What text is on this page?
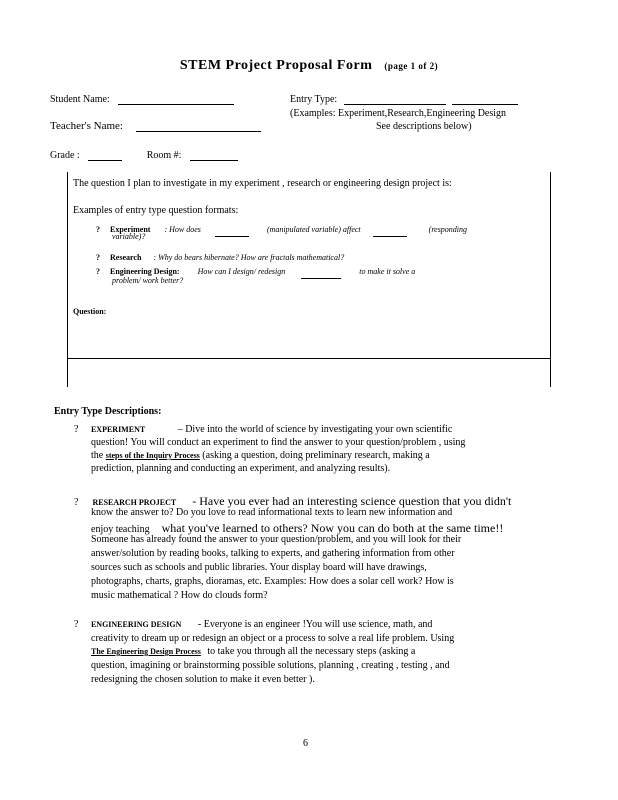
STEM Project Proposal Form (page 1 of 2)
Student Name:
Teacher's Name:
Grade :	Room #:
Entry Type:
(Examples: Experiment,Research,Engineering Design
See descriptions below)
The question I plan to investigate in my experiment , research or engineering design project is:
Examples of entry type question formats:
? Experiment : How does	(manipulated variable) affect	(responding
variable)?
? Research : Why do bears hibernate? How are fractals mathematical?
? Engineering Design: How can I design/ redesign	to make it solve a
problem/ work better?
Question:
Entry Type Descriptions:
? EXPERIMENT	– Dive into the world of science by investigating your own scientific
question! You will conduct an experiment to find the answer to your question/problem , using
the steps of the Inquiry Process (asking a question, doing preliminary research, making a
prediction, planning and conducting an experiment, and analyzing results).
? RESEARCH PROJECT - Have you ever had an interesting science question that you didn't
know the answer to? Do you love to read informational texts to learn new information and
enjoy teaching what you've learned to others? Now you can do both at the same time!!
Someone has already found the answer to your question/problem, and you will look for their
answer/solution by reading books, talking to experts, and gathering information from other
sources such as schools and public libraries. Your display board will have drawings,
photographs, charts, graphs, dioramas, etc. Examples: How does a solar cell work? How is
music mathematical ? How do clouds form?
? ENGINEERING DESIGN - Everyone is an engineer !You will use science, math, and
creativity to dream up or redesign an object or a process to solve a real life problem. Using
The Engineering Design Process to take you through all the necessary steps (asking a
question, imagining or brainstorming possible solutions, planning , creating , testing , and
redesigning the chosen solution to make it even better ).
6
